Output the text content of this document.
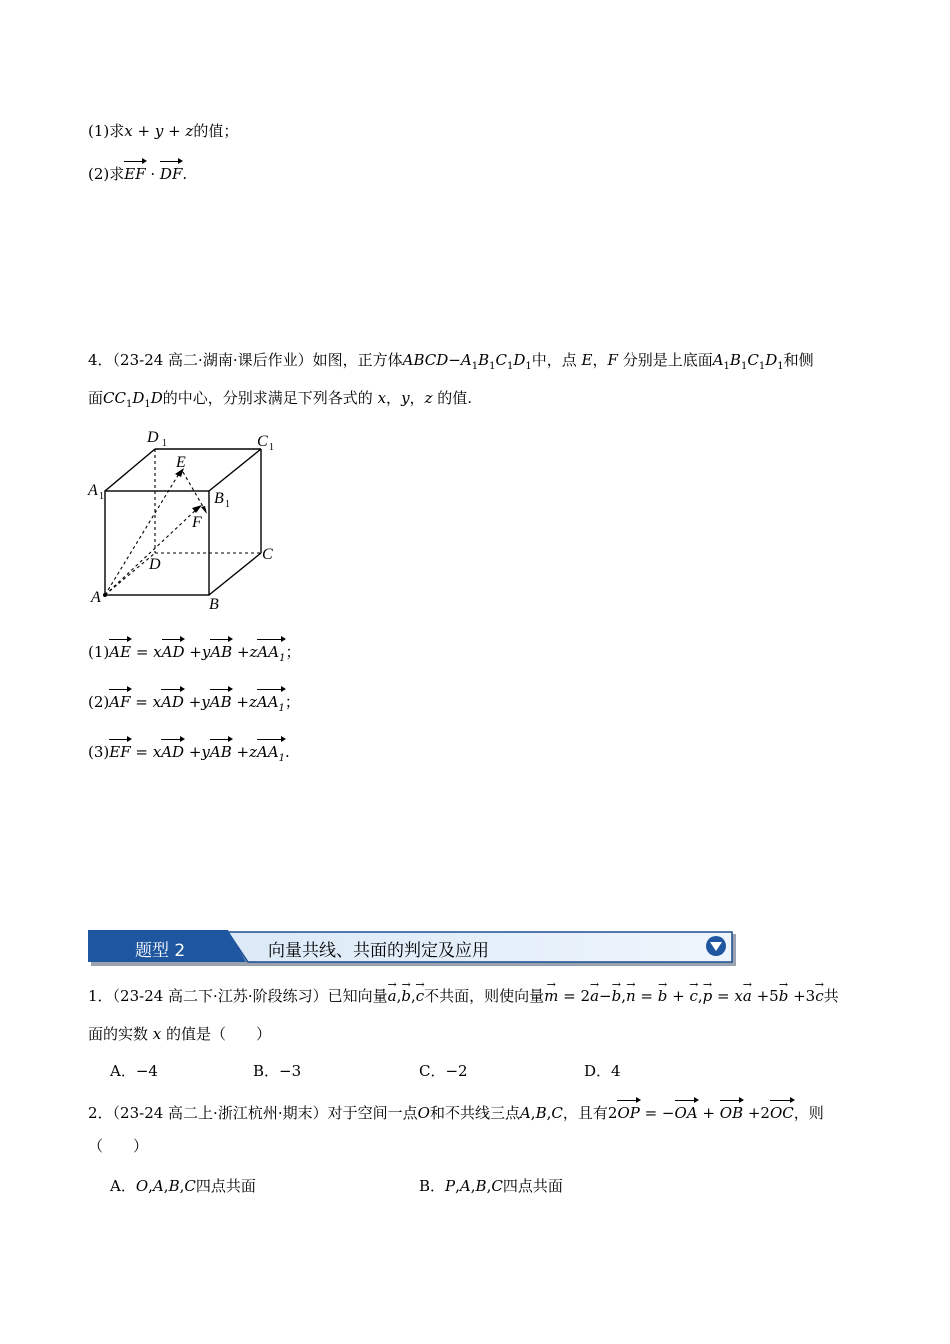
(1)求x + y + z的值；
(2)求EF · DF.
4．（23-24 高二·湖南·课后作业）如图，正方体$ABCD-A_1B_1C_1D_1$中，点 E，F 分别是上底面$A_1B_1C_1D_1$和侧
面$CC_1D_1D$的中心，分别求满足下列各式的 x，y，z 的值.
D 1	C 1
A 1	B 1
E
F
D
C
A	B
(1)AE = xAD +yAB +zAA$_1$；
(2)AF = xAD +yAB +zAA$_1$；
(3)EF = xAD +yAB +zAA$_1$.
题型 2	向量共线、共面的判定及应用
1．（23-24 高二下·江苏·阶段练习）已知向量→ a,→ b,→ c不共面，则使向量→ m = 2→ a−→ b,→ n = → b + → c,→ p = x→ a +5→ b +3→ c共
面的实数 x 的值是（　　）
A．−4	B．−3	C．−2	D．4
2．（23-24 高二上·浙江杭州·期末）对于空间一点O和不共线三点A,B,C，且有2OP = −OA + OB +2OC，则
（　　）
A．O,A,B,C四点共面	B．P,A,B,C四点共面
